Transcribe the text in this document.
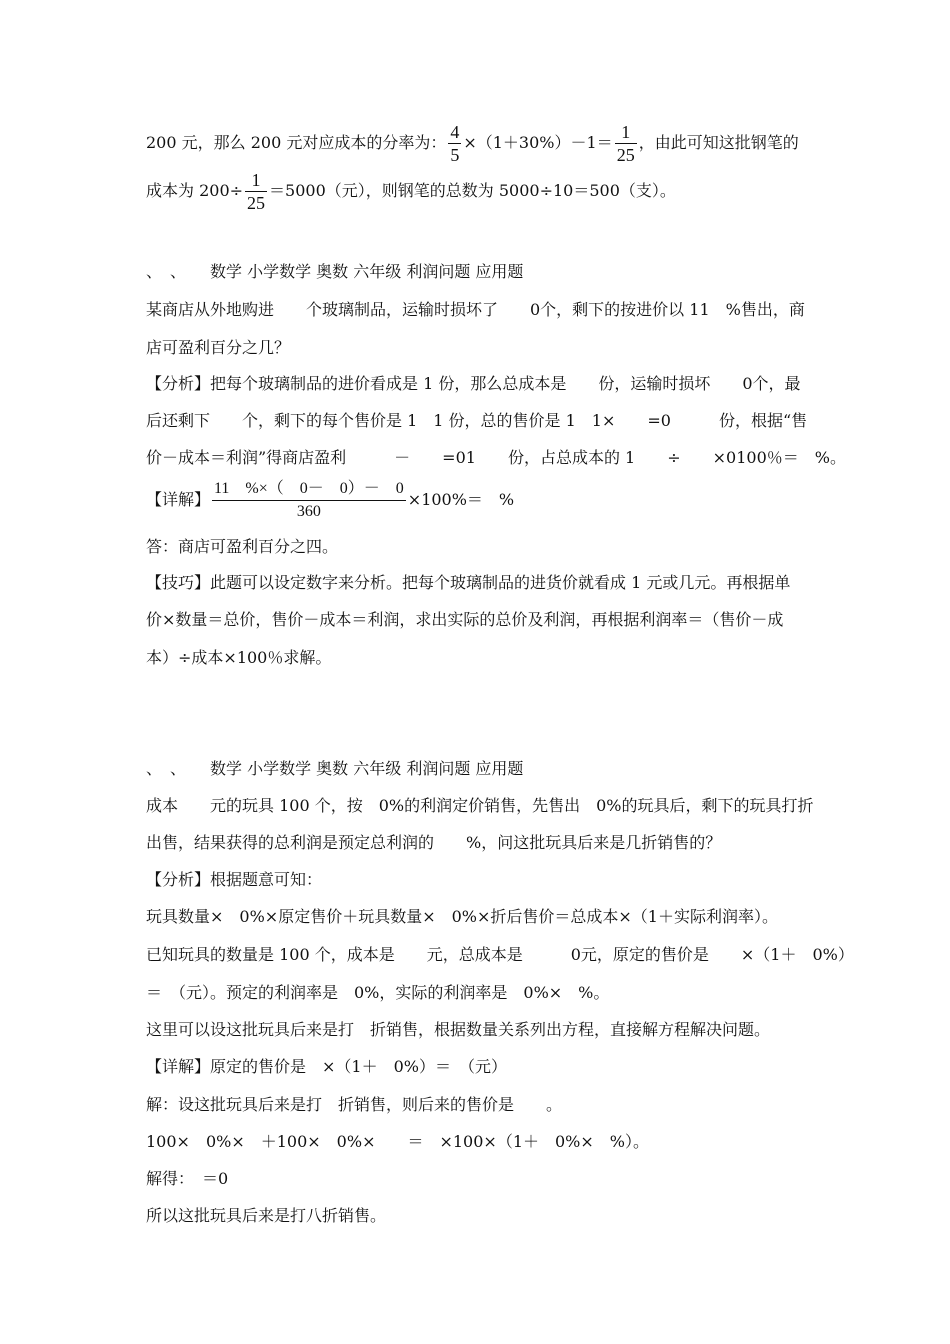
200 元，那么 200 元对应成本的分率为： $\frac{4}{5} \times(1+30\%)-1= \frac{1}{25}$ ，由此可知这批钢笔的
成本为 $200\div \frac{1}{25} =5000$（元），则钢笔的总数为 5000÷10＝500（支）。
、　、　　数学 小学数学 奥数 六年级 利润问题 应用题
某商店从外地购进　　个玻璃制品，运输时损坏了　　0个，剩下的按进价以 11　%售出，商
店可盈利百分之几？
【分析】把每个玻璃制品的进价看成是 1 份，那么总成本是　　份，运输时损坏　　0个，最
后还剩下　　个，剩下的每个售价是 1　1 份，总的售价是 1　1×　　=0　　　份，根据“售
价－成本＝利润”得商店盈利　　　－　　=01　　份，占总成本的 1　　÷　　×0100％＝　%。
【详解】 $\frac{11 \%\times( 0- 0)- 0}{360} \times 100\%=$　%
答：商店可盈利百分之四。
【技巧】此题可以设定数字来分析。把每个玻璃制品的进货价就看成 1 元或几元。再根据单
价×数量＝总价，售价－成本＝利润，求出实际的总价及利润，再根据利润率＝（售价－成
本）÷成本×100％求解。
、　、　　数学 小学数学 奥数 六年级 利润问题 应用题
成本　　元的玩具 100 个，按　0%的利润定价销售，先售出　0%的玩具后，剩下的玩具打折
出售，结果获得的总利润是预定总利润的　　%，问这批玩具后来是几折销售的？
【分析】根据题意可知：
玩具数量×　0%×原定售价＋玩具数量×　0%×折后售价＝总成本×（1＋实际利润率）。
已知玩具的数量是 100 个，成本是　　元，总成本是　　　0元，原定的售价是　　×（1＋　0%）
＝　（元）。预定的利润率是　0%，实际的利润率是　0%×　%。
这里可以设这批玩具后来是打　折销售，根据数量关系列出方程，直接解方程解决问题。
【详解】原定的售价是　×（1＋　0%）＝　（元）
解：设这批玩具后来是打　折销售，则后来的售价是　　。
100×　0%×　＋100×　0%×　　＝　×100×（1＋　0%×　%）。
解得：　＝0
所以这批玩具后来是打八折销售。
